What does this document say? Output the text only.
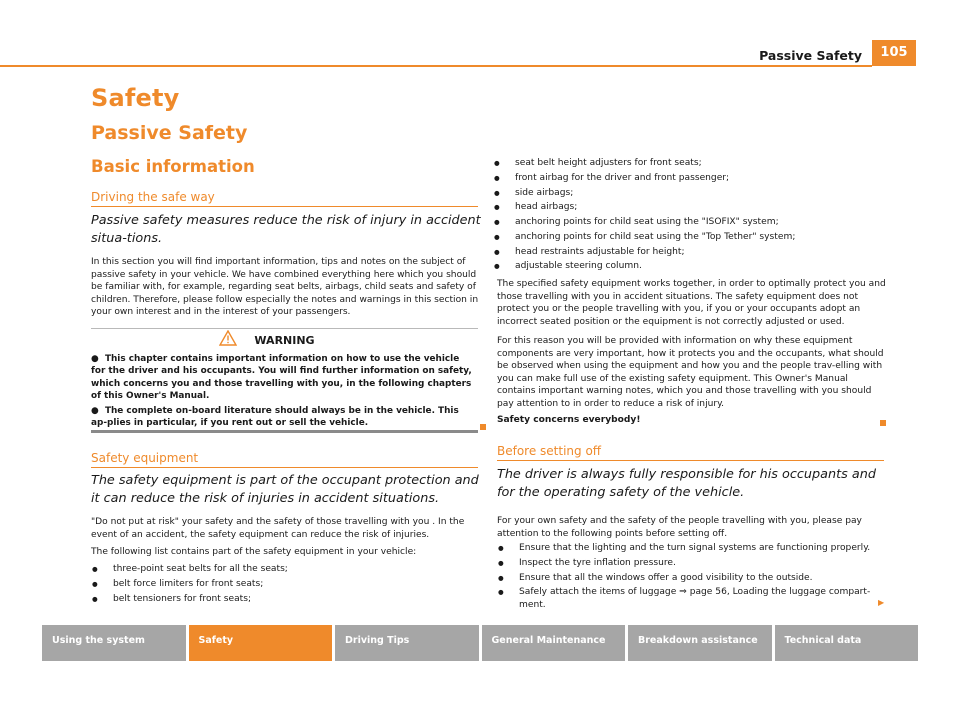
Passive Safety	105
Safety
Passive Safety
Basic information
Driving the safe way
Passive safety measures reduce the risk of injury in accident situa-tions.
In this section you will find important information, tips and notes on the subject of passive safety in your vehicle. We have combined everything here which you should be familiar with, for example, regarding seat belts, airbags, child seats and safety of children. Therefore, please follow especially the notes and warnings in this section in your own interest and in the interest of your passengers.
WARNING

●  This chapter contains important information on how to use the vehicle for the driver and his occupants. You will find further information on safety, which concerns you and those travelling with you, in the following chapters of this Owner's Manual.

●  The complete on-board literature should always be in the vehicle. This ap-plies in particular, if you rent out or sell the vehicle.

Safety equipment
The safety equipment is part of the occupant protection and it can reduce the risk of injuries in accident situations.
"Do not put at risk" your safety and the safety of those travelling with you . In the event of an accident, the safety equipment can reduce the risk of injuries.
The following list contains part of the safety equipment in your vehicle:
● three-point seat belts for all the seats;
● belt force limiters for front seats;
● belt tensioners for front seats;
● seat belt height adjusters for front seats;
● front airbag for the driver and front passenger;
● side airbags;
● head airbags;
● anchoring points for child seat using the "ISOFIX" system;
● anchoring points for child seat using the "Top Tether" system;
● head restraints adjustable for height;
● adjustable steering column.
The specified safety equipment works together, in order to optimally protect you and those travelling with you in accident situations. The safety equipment does not protect you or the people travelling with you, if you or your occupants adopt an incorrect seated position or the equipment is not correctly adjusted or used.
For this reason you will be provided with information on why these equipment components are very important, how it protects you and the occupants, what should be observed when using the equipment and how you and the people trav-elling with you can make full use of the existing safety equipment. This Owner's Manual contains important warning notes, which you and those travelling with you should pay attention to in order to reduce a risk of injury.
Safety concerns everybody!
Before setting off
The driver is always fully responsible for his occupants and for the operating safety of the vehicle.
For your own safety and the safety of the people travelling with you, please pay attention to the following points before setting off.
● Ensure that the lighting and the turn signal systems are functioning properly.
● Inspect the tyre inflation pressure.
● Ensure that all the windows offer a good visibility to the outside.
● Safely attach the items of luggage ⇒ page 56, Loading the luggage compart-ment.	▶
Using the system	Safety	Driving Tips	General Maintenance	Breakdown assistance	Technical data
